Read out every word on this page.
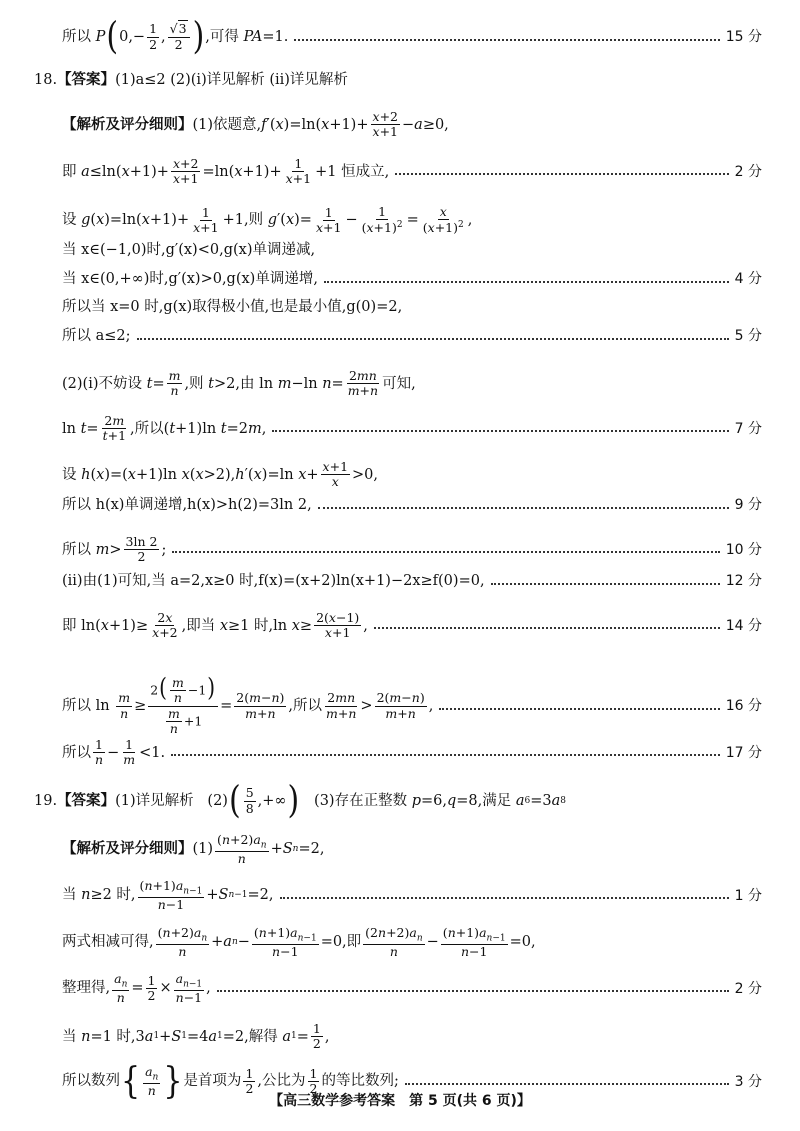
所以 P ( $0,- \frac{1}{2}$ , $\frac{√3}{2}$ ) ,可得 PA =1.	15 分
18. 【答案】 (1)a≤2 (2)(i)详见解析 (ii)详见解析
【解析及评分细则】 (1)依题意, f ′( x )=ln( $x +1)+ \frac{x+2}{x+1} - a \ge 0$,
即 a ≤ln( $x +1)+ \frac{x+2}{x+1} =\ln$( $x +1)+ \frac{1}{x+1} +1$ 恒成立,	2 分
设 g ( x )=ln( $x +1)+ \frac{1}{x+1} +1$,则 g ′( x )= $\frac{1}{x+1} - \frac{1}{(x+1)^2} = \frac{x}{(x+1)^2}$ ,
当 x∈(−1,0)时,g′(x)<0,g(x)单调递减,
当 x∈(0,+∞)时,g′(x)>0,g(x)单调递增,	4 分
所以当 x=0 时,g(x)取得极小值,也是最小值,g(0)=2,
所以 a≤2;	5 分
(2)(i)不妨设 $t = \frac{m}{n}$ ,则 t >2,由 ln m −ln $n = \frac{2mn}{m+n}$ 可知,
$\ln t = \frac{2m}{t+1}$ ,所以( t +1)ln t =2 m ,	7 分
设 h ( x )=( x +1)ln x ( x >2), h ′( x )=ln $x + \frac{x+1}{x} >0$,
所以 h(x)单调递增,h(x)>h(2)=3ln 2,	9 分
所以 $m > \frac{3\ln 2}{2}$ ;	10 分
(ii)由(1)可知,当 a=2,x≥0 时,f(x)=(x+2)ln(x+1)−2x≥f(0)=0,	12 分
即 ln( $x +1)\ge \frac{2x}{x+2}$ ,即当 x ≥1 时,ln $x \ge \frac{2(x-1)}{x+1}$ ,	14 分
所以 $\ln \frac{m}{n} \ge \frac{2( \frac{m}{n} -1)}{\frac{m}{n} +1} = \frac{2(m-n)}{m+n}$ ,所以 $\frac{2mn}{m+n} > \frac{2(m-n)}{m+n}$ ,	16 分
所以 $\frac{1}{n} - \frac{1}{m} <1$.	17 分
19. 【答案】 (1)详见解析   (2) ( $\frac{5}{8}$ ,+∞ ) (3)存在正整数 p =6, q =8,满足 a 6 =3 a 8
【解析及评分细则】 $(1) \frac{(n+2)a_n}{n} + S$ n =2,
当 n ≥2 时, $\frac{(n+1)a_{n-1}}{n-1} + S$ n−1 =2,	1 分
两式相减可得, $\frac{(n+2)a_n}{n} + a$ $n - \frac{(n+1)a_{n-1}}{n-1} =0$,即 $\frac{(2n+2)a_n}{n} - \frac{(n+1)a_{n-1}}{n-1} =0$,
整理得, $\frac{a_n}{n} = \frac{1}{2} \times \frac{a_{n-1}}{n-1}$ ,	2 分
当 n =1 时,3 a 1 + S 1 =4 a 1 =2,解得 a $1 = \frac{1}{2}$ ,
所以数列 { $\frac{a_n}{n}$ } 是首项为 $\frac{1}{2}$ ,公比为 $\frac{1}{2}$ 的等比数列;	3 分
【高三数学参考答案　第 5 页(共 6 页)】
